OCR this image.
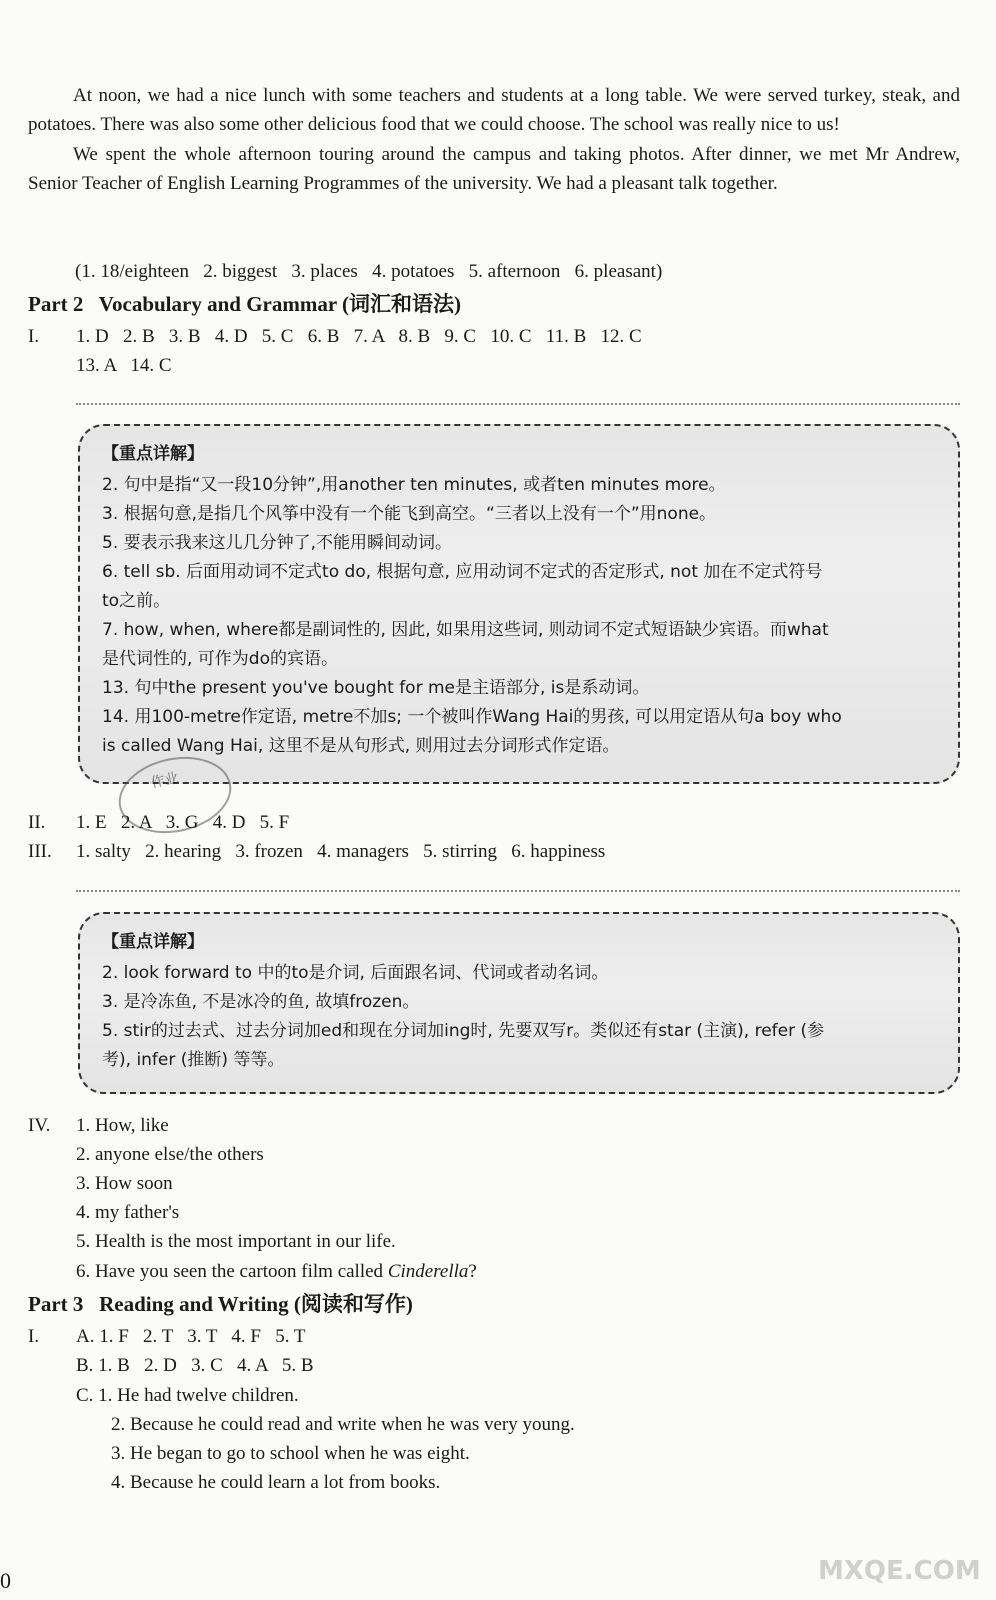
At noon, we had a nice lunch with some teachers and students at a long table. We were served turkey, steak, and potatoes. There was also some other delicious food that we could choose. The school was really nice to us!

We spent the whole afternoon touring around the campus and taking photos. After dinner, we met Mr Andrew, Senior Teacher of English Learning Programmes of the university. We had a pleasant talk together.

(1. 18/eighteen   2. biggest   3. places   4. potatoes   5. afternoon   6. pleasant)
Part 2   Vocabulary and Grammar (词汇和语法)
I. 1. D   2. B   3. B   4. D   5. C   6. B   7. A   8. B   9. C   10. C   11. B   12. C
13. A   14. C
【重点详解】
2. 句中是指“又一段10分钟”,用another ten minutes, 或者ten minutes more。
3. 根据句意,是指几个风筝中没有一个能飞到高空。“三者以上没有一个”用none。
5. 要表示我来这儿几分钟了,不能用瞬间动词。
6. tell sb. 后面用动词不定式to do, 根据句意, 应用动词不定式的否定形式, not 加在不定式符号
to之前。
7. how, when, where都是副词性的, 因此, 如果用这些词, 则动词不定式短语缺少宾语。而what
是代词性的, 可作为do的宾语。
13. 句中the present you've bought for me是主语部分, is是系动词。
14. 用100-metre作定语, metre不加s; 一个被叫作Wang Hai的男孩, 可以用定语从句a boy who
is called Wang Hai, 这里不是从句形式, 则用过去分词形式作定语。
作业
II. 1. E   2. A   3. G   4. D   5. F
III. 1. salty   2. hearing   3. frozen   4. managers   5. stirring   6. happiness
【重点详解】
2. look forward to 中的to是介词, 后面跟名词、代词或者动名词。
3. 是冷冻鱼, 不是冰冷的鱼, 故填frozen。
5. stir的过去式、过去分词加ed和现在分词加ing时, 先要双写r。类似还有star (主演), refer (参
考), infer (推断) 等等。
IV. 1. How, like
2. anyone else/the others
3. How soon
4. my father's
5. Health is the most important in our life.
6. Have you seen the cartoon film called Cinderella?
Part 3   Reading and Writing (阅读和写作)
I. A. 1. F   2. T   3. T   4. F   5. T
B. 1. B   2. D   3. C   4. A   5. B
C. 1. He had twelve children.
2. Because he could read and write when he was very young.
3. He began to go to school when he was eight.
4. Because he could learn a lot from books.
MXQE.COM
0
